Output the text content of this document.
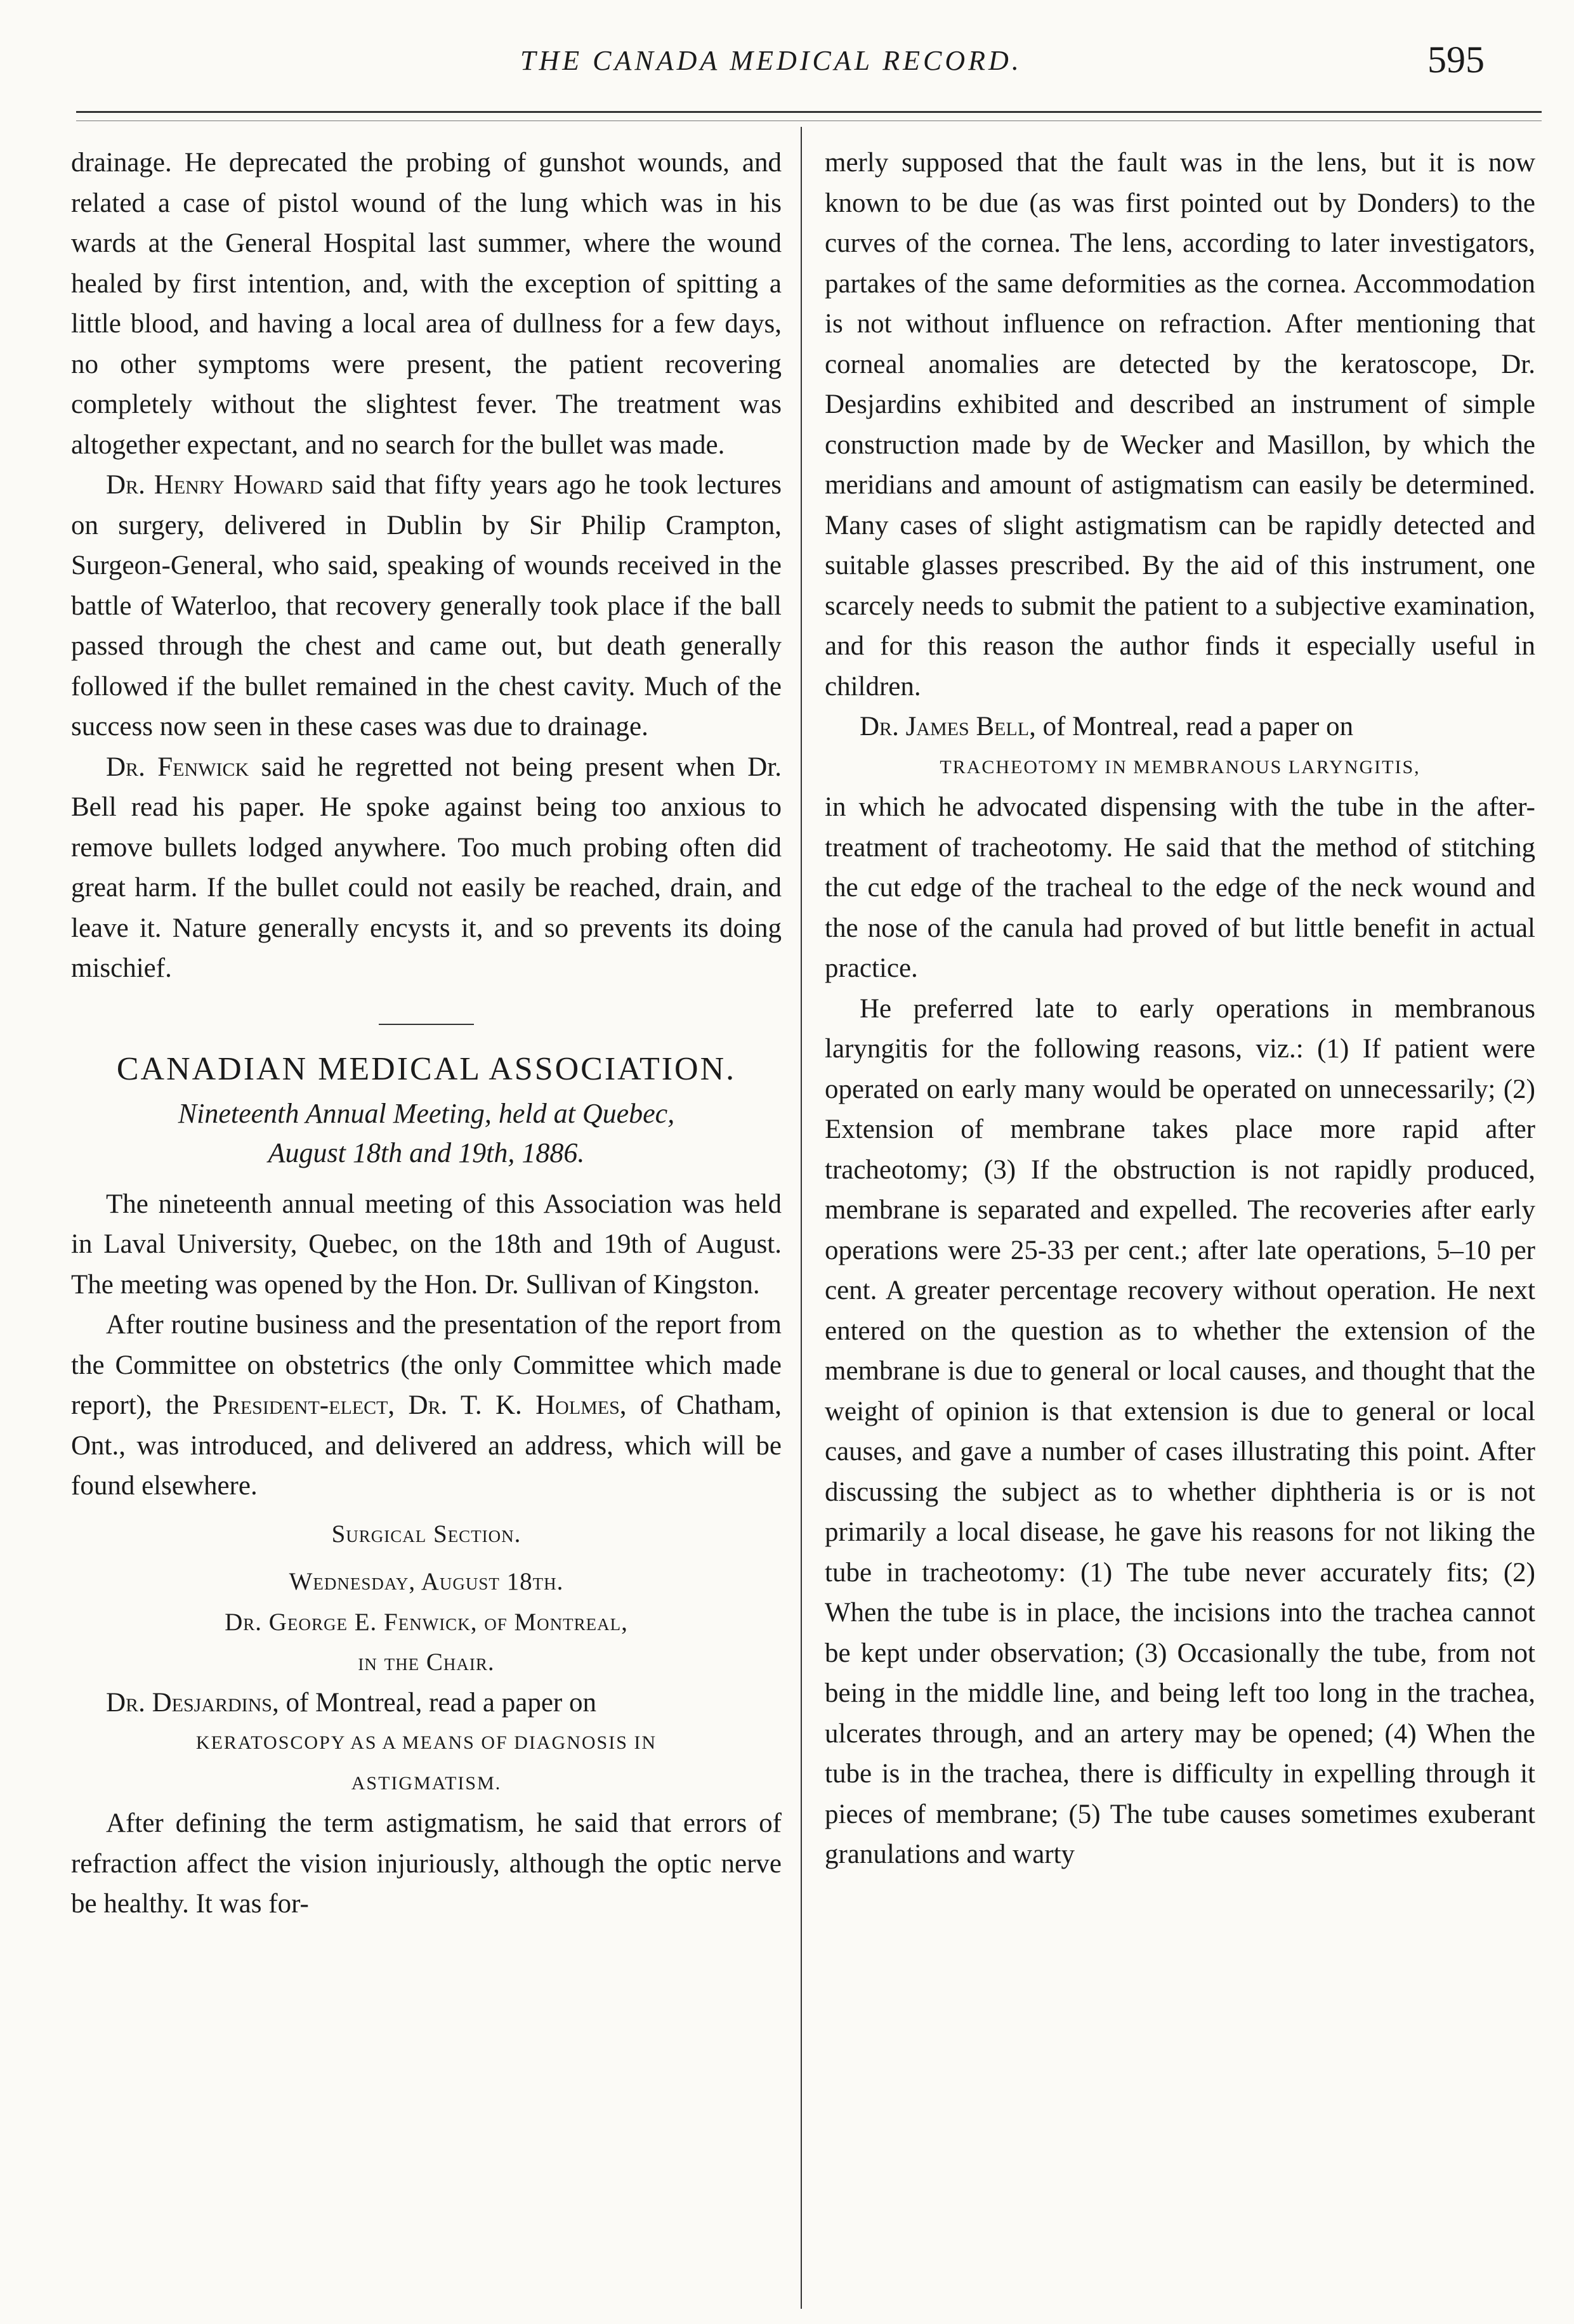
THE CANADA MEDICAL RECORD.	595

drainage. He deprecated the probing of gunshot wounds, and related a case of pistol wound of the lung which was in his wards at the General Hospital last summer, where the wound healed by first intention, and, with the exception of spitting a little blood, and having a local area of dullness for a few days, no other symptoms were present, the patient recovering completely without the slightest fever. The treatment was altogether expectant, and no search for the bullet was made.

Dr. Henry Howard said that fifty years ago he took lectures on surgery, delivered in Dublin by Sir Philip Crampton, Surgeon-General, who said, speaking of wounds received in the battle of Waterloo, that recovery generally took place if the ball passed through the chest and came out, but death generally followed if the bullet remained in the chest cavity. Much of the success now seen in these cases was due to drainage.

Dr. Fenwick said he regretted not being present when Dr. Bell read his paper. He spoke against being too anxious to remove bullets lodged anywhere. Too much probing often did great harm. If the bullet could not easily be reached, drain, and leave it. Nature generally encysts it, and so prevents its doing mischief.

CANADIAN MEDICAL ASSOCIATION.

Nineteenth Annual Meeting, held at Quebec,
August 18th and 19th, 1886.

The nineteenth annual meeting of this Association was held in Laval University, Quebec, on the 18th and 19th of August. The meeting was opened by the Hon. Dr. Sullivan of Kingston.

After routine business and the presentation of the report from the Committee on obstetrics (the only Committee which made report), the President-elect, Dr. T. K. Holmes, of Chatham, Ont., was introduced, and delivered an address, which will be found elsewhere.

Surgical Section.

Wednesday, August 18th.

Dr. George E. Fenwick, of Montreal,

in the Chair.

Dr. Desjardins, of Montreal, read a paper on

KERATOSCOPY AS A MEANS OF DIAGNOSIS IN

ASTIGMATISM.

After defining the term astigmatism, he said that errors of refraction affect the vision injuriously, although the optic nerve be healthy. It was for-

merly supposed that the fault was in the lens, but it is now known to be due (as was first pointed out by Donders) to the curves of the cornea. The lens, according to later investigators, partakes of the same deformities as the cornea. Accommodation is not without influence on refraction. After mentioning that corneal anomalies are detected by the keratoscope, Dr. Desjardins exhibited and described an instrument of simple construction made by de Wecker and Masillon, by which the meridians and amount of astigmatism can easily be determined. Many cases of slight astigmatism can be rapidly detected and suitable glasses prescribed. By the aid of this instrument, one scarcely needs to submit the patient to a subjective examination, and for this reason the author finds it especially useful in children.

Dr. James Bell, of Montreal, read a paper on

TRACHEOTOMY IN MEMBRANOUS LARYNGITIS,

in which he advocated dispensing with the tube in the after-treatment of tracheotomy. He said that the method of stitching the cut edge of the tracheal to the edge of the neck wound and the nose of the canula had proved of but little benefit in actual practice.

He preferred late to early operations in membranous laryngitis for the following reasons, viz.: (1) If patient were operated on early many would be operated on unnecessarily; (2) Extension of membrane takes place more rapid after tracheotomy; (3) If the obstruction is not rapidly produced, membrane is separated and expelled. The recoveries after early operations were 25-33 per cent.; after late operations, 5–10 per cent. A greater percentage recovery without operation. He next entered on the question as to whether the extension of the membrane is due to general or local causes, and thought that the weight of opinion is that extension is due to general or local causes, and gave a number of cases illustrating this point. After discussing the subject as to whether diphtheria is or is not primarily a local disease, he gave his reasons for not liking the tube in tracheotomy: (1) The tube never accurately fits; (2) When the tube is in place, the incisions into the trachea cannot be kept under observation; (3) Occasionally the tube, from not being in the middle line, and being left too long in the trachea, ulcerates through, and an artery may be opened; (4) When the tube is in the trachea, there is difficulty in expelling through it pieces of membrane; (5) The tube causes sometimes exuberant granulations and warty
